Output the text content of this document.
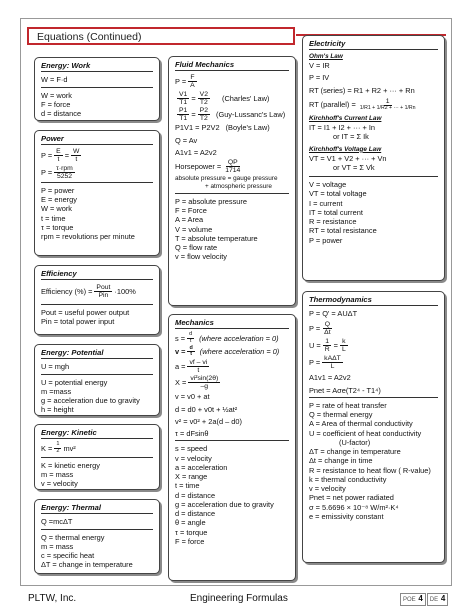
Equations (Continued)
Energy: Work
W = F·d
W = work
F = force
d = distance
Power
$P = \frac{E}{t} = \frac{W}{t}$
$P = \frac{\text{τ·rpm}}{5252}$
P = power
E = energy
W = work
t = time
τ = torque
rpm = revolutions per minute
Efficiency
Efficiency (%) = $\frac{\text{Pout}}{\text{Pin}} \cdot 100\%$
Pout = useful power output
Pin = total power input
Energy: Potential
U = mgh
U = potential energy
m =mass
g = acceleration due to gravity
h = height
Energy: Kinetic
$K = \frac{1}{2} mv^2$
K = kinetic energy
m = mass
v = velocity
Energy: Thermal
Q =mcΔT
Q = thermal energy
m = mass
c = specific heat
ΔT = change in temperature
Fluid Mechanics
$P = \frac{F}{A}$
$\frac{V1}{T1} = \frac{V2}{T2}$ (Charles' Law)
$\frac{P1}{T1} = \frac{P2}{T2}$ (Guy-Lussanc's Law)
P1V1 = P2V2 (Boyle's Law)
Q = Av
A1v1 = A2v2
Horsepower = $\frac{QP}{1714}$
absolute pressure = gauge pressure
+ atmospheric pressure
P = absolute pressure
F = Force
A = Area
V = volume
T = absolute temperature
Q = flow rate
v = flow velocity
Mechanics
$s = \frac{d}{t}$ (where acceleration = 0)
$v = \frac{d}{t}$ (where acceleration = 0)
$a = \frac{vf - vi}{t}$
$X = \frac{\text{vi²sin(2θ)}}{-g}$
v = v0 + at
d = d0 + v0t + ½at²
v² = v0² + 2a(d – d0)
τ = dFsinθ
s = speed
v = velocity
a = acceleration
X = range
t = time
d = distance
g = acceleration due to gravity
d = distance
θ = angle
τ = torque
F = force
Electricity
Ohm's Law
V = IR
P = IV
RT (series) = R1 + R2 + ··· + Rn
RT (parallel) = $\frac{1}{1/R1 + 1/R2 + \cdot\cdot\cdot + 1/Rn}$
Kirchhoff's Current Law
IT = I1 + I2 + ··· + In
or IT = Σ Ik
Kirchhoff's Voltage Law
VT = V1 + V2 + ··· + Vn
or VT = Σ Vk
V = voltage
VT = total voltage
I = current
IT = total current
R = resistance
RT = total resistance
P = power
Thermodynamics
P = Q' = AUΔT
$P = \frac{Q}{\Delta t}$
$U = \frac{1}{R} = \frac{k}{L}$
$P = \frac{\text{kAΔT}}{L}$
A1v1 = A2v2
Pnet = Aσe(T2⁴ - T1⁴)
P = rate of heat transfer
Q = thermal energy
A = Area of thermal conductivity
U = coefficient of heat conductivity
(U-factor)
ΔT = change in temperature
Δt = change in time
R = resistance to heat flow ( R-value)
k = thermal conductivity
v = velocity
Pnet = net power radiated
σ = 5.6696 × 10⁻⁸ W/m²·K⁴
e = emissivity constant
PLTW, Inc.	Engineering Formulas	POE 4	DE 4
